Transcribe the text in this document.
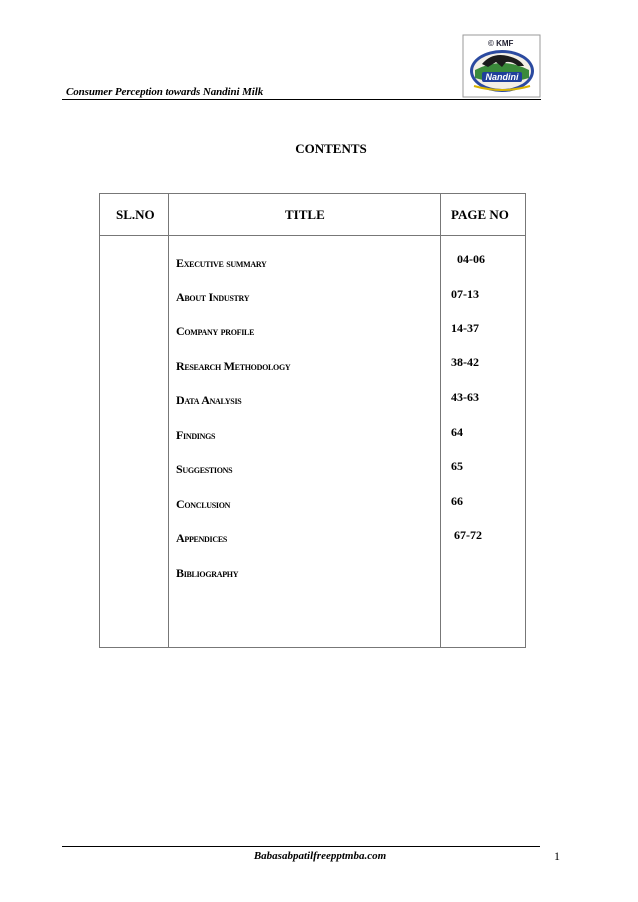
Consumer Perception towards Nandini Milk
© KMF
Nandini
CONTENTS
SL.NO	TITLE	PAGE NO
Executive summary	04-06
About Industry	07-13
Company profile	14-37
Research Methodology	38-42
Data Analysis	43-63
Findings	64
Suggestions	65
Conclusion	66
Appendices	67-72
Bibliography
Babasabpatilfreepptmba.com	1
